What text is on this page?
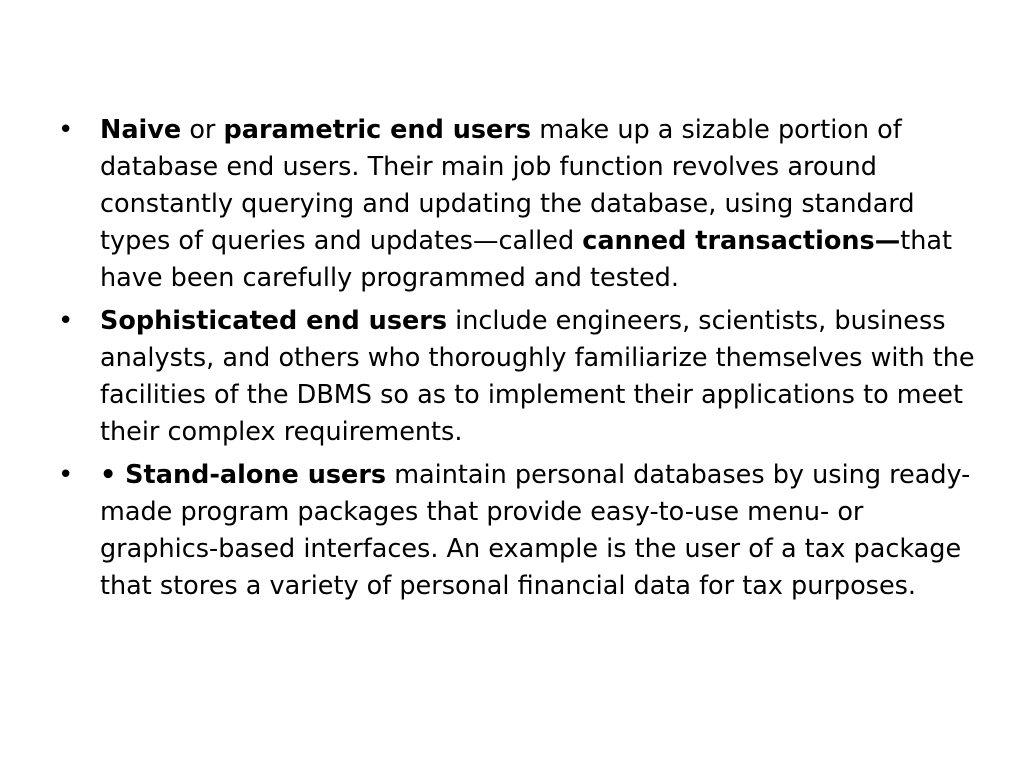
• Naive or parametric end users make up a sizable portion of database end users. Their main job function revolves around constantly querying and updating the database, using standard types of queries and updates—called canned transactions—that have been carefully programmed and tested.
• Sophisticated end users include engineers, scientists, business analysts, and others who thoroughly familiarize themselves with the facilities of the DBMS so as to implement their applications to meet their complex requirements.
• • Stand-alone users maintain personal databases by using ready-made program packages that provide easy-to-use menu- or graphics-based interfaces. An example is the user of a tax package that stores a variety of personal financial data for tax purposes.
